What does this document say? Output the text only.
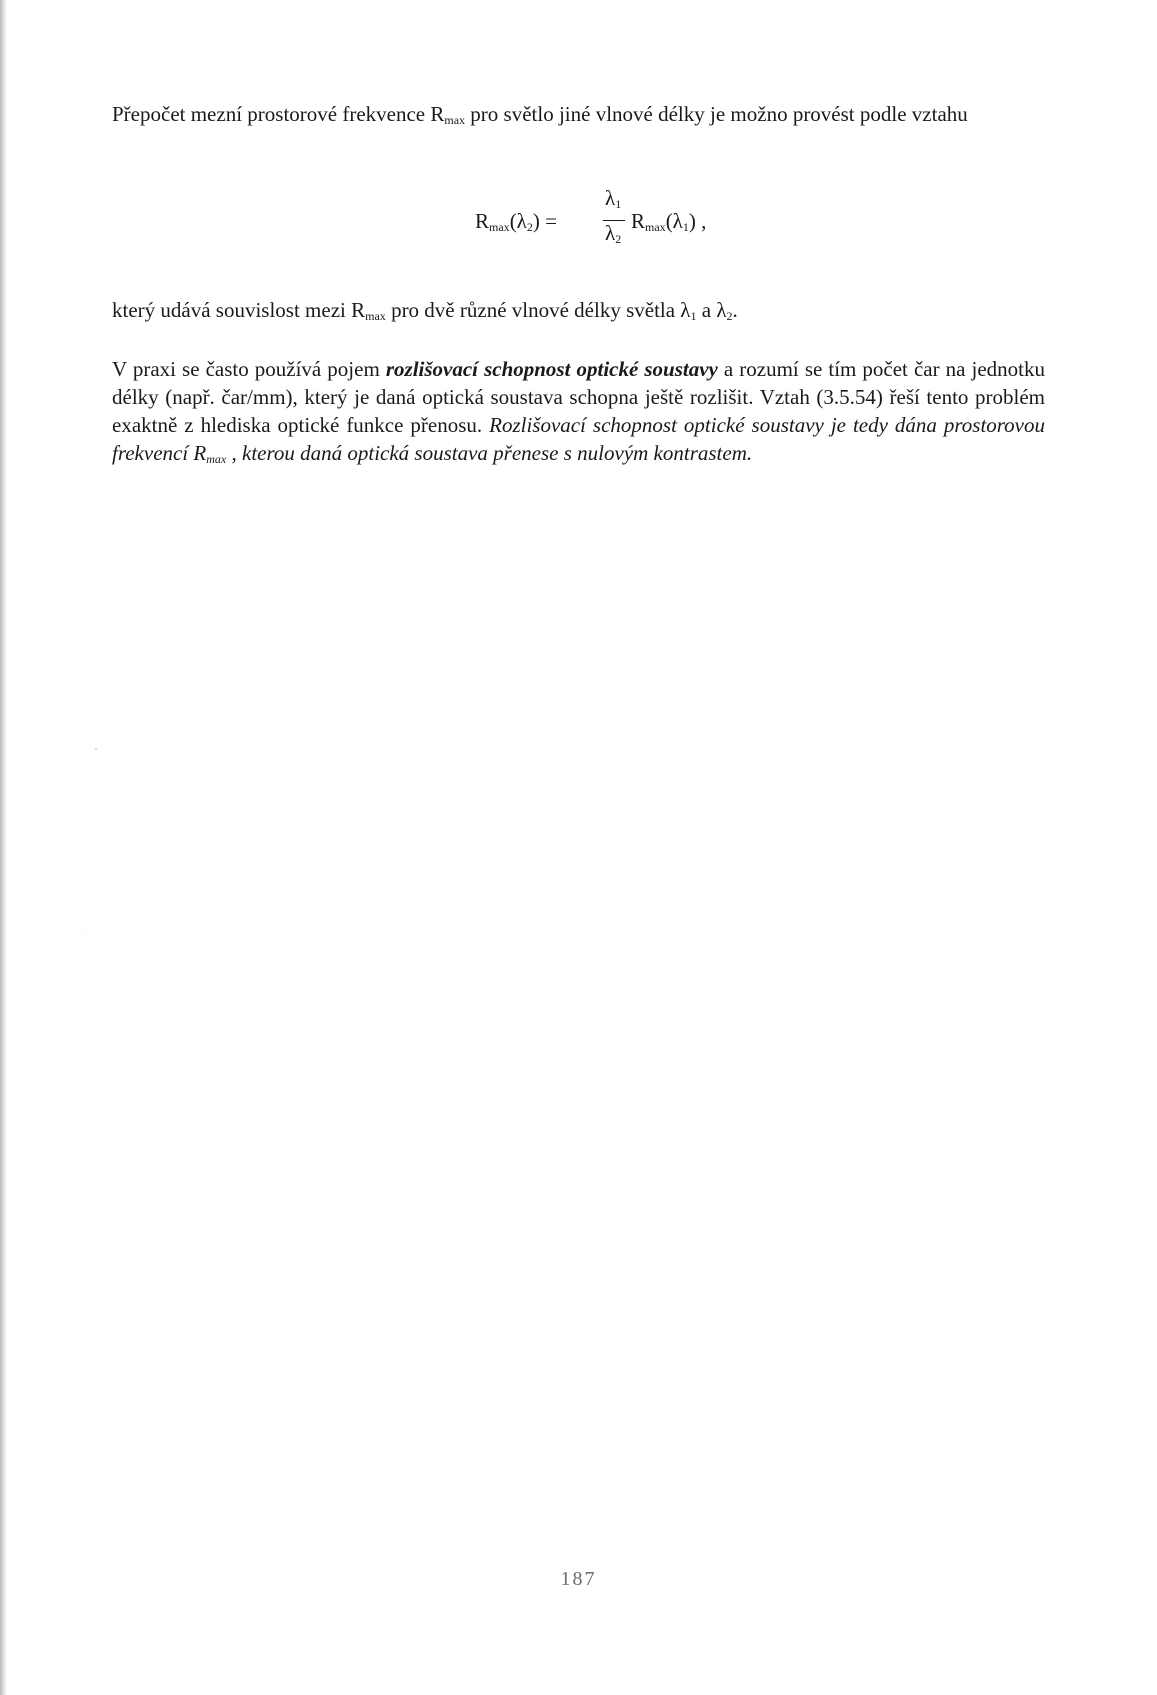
Přepočet mezní prostorové frekvence $R_{max}$ pro světlo jiné vlnové délky je možno provést podle vztahu

$R_{max}(\lambda_2)$ =
$\lambda_1$
$\lambda_2$
$R_{max}(\lambda_1)$ ,

který udává souvislost mezi $R_{max}$ pro dvě různé vlnové délky světla $\lambda_1$ a $\lambda_2$.

V praxi se často používá pojem rozlišovací schopnost optické soustavy a rozumí se tím počet čar na jednotku délky (např. čar/mm), který je daná optická soustava schopna ještě rozlišit. Vztah (3.5.54) řeší tento problém exaktně z hlediska optické funkce přenosu. Rozlišovací schopnost optické soustavy je tedy dána prostorovou frekvencí $R_{max}$ , kterou daná optická soustava přenese s nulovým kontrastem.

187
